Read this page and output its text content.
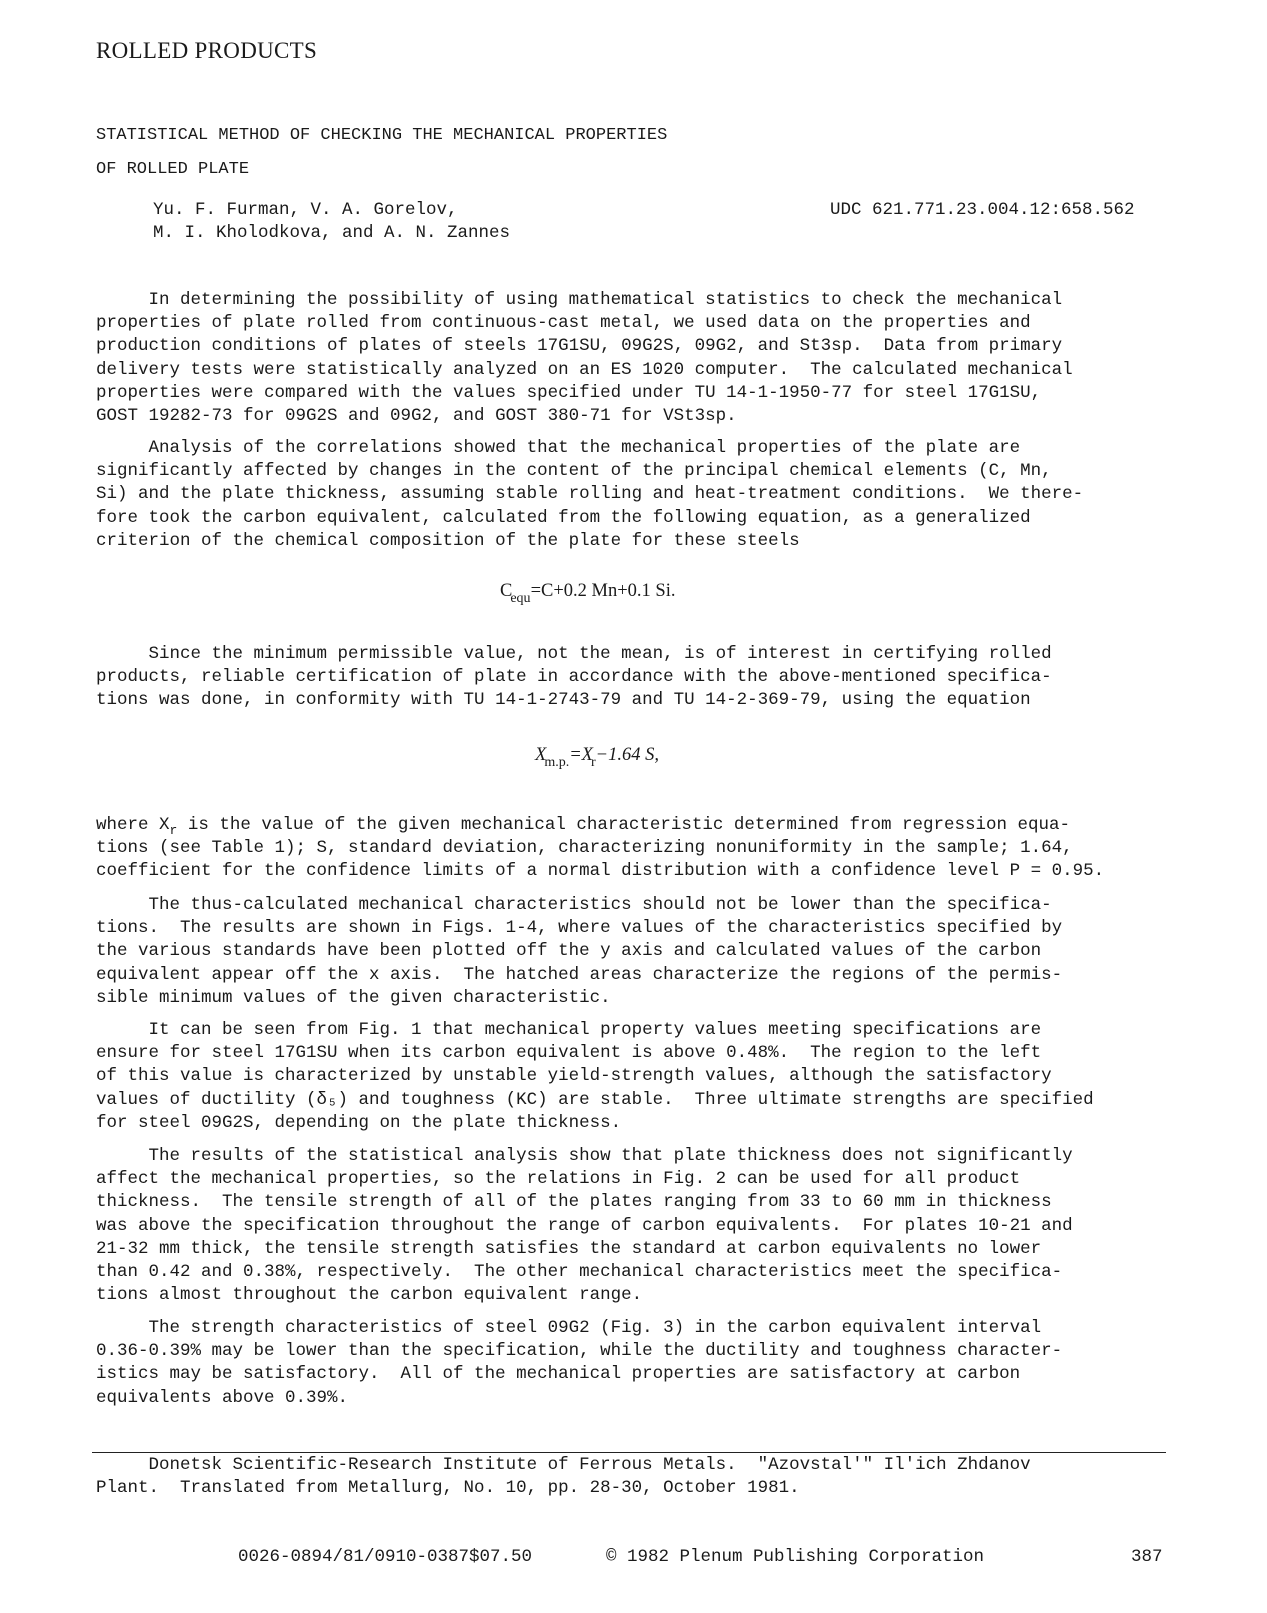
ROLLED PRODUCTS
STATISTICAL METHOD OF CHECKING THE MECHANICAL PROPERTIES
OF ROLLED PLATE
Yu. F. Furman, V. A. Gorelov,
M. I. Kholodkova, and A. N. Zannes
UDC 621.771.23.004.12:658.562
In determining the possibility of using mathematical statistics to check the mechanical
properties of plate rolled from continuous-cast metal, we used data on the properties and
production conditions of plates of steels 17G1SU, 09G2S, 09G2, and St3sp.  Data from primary
delivery tests were statistically analyzed on an ES 1020 computer.  The calculated mechanical
properties were compared with the values specified under TU 14-1-1950-77 for steel 17G1SU,
GOST 19282-73 for 09G2S and 09G2, and GOST 380-71 for VSt3sp.
Analysis of the correlations showed that the mechanical properties of the plate are
significantly affected by changes in the content of the principal chemical elements (C, Mn,
Si) and the plate thickness, assuming stable rolling and heat-treatment conditions.  We there-
fore took the carbon equivalent, calculated from the following equation, as a generalized
criterion of the chemical composition of the plate for these steels
$C_{equ}=C+0.2$ Mn+0.1 Si.
Since the minimum permissible value, not the mean, is of interest in certifying rolled
products, reliable certification of plate in accordance with the above-mentioned specifica-
tions was done, in conformity with TU 14-1-2743-79 and TU 14-2-369-79, using the equation
$X_{m.p.}=X_r-1.64$ S,
where $X_r$ is the value of the given mechanical characteristic determined from regression equa-
tions (see Table 1); S, standard deviation, characterizing nonuniformity in the sample; 1.64,
coefficient for the confidence limits of a normal distribution with a confidence level P = 0.95.
The thus-calculated mechanical characteristics should not be lower than the specifica-
tions.  The results are shown in Figs. 1-4, where values of the characteristics specified by
the various standards have been plotted off the y axis and calculated values of the carbon
equivalent appear off the x axis.  The hatched areas characterize the regions of the permis-
sible minimum values of the given characteristic.
It can be seen from Fig. 1 that mechanical property values meeting specifications are
ensure for steel 17G1SU when its carbon equivalent is above 0.48%.  The region to the left
of this value is characterized by unstable yield-strength values, although the satisfactory
values of ductility (δ₅) and toughness (KC) are stable.  Three ultimate strengths are specified
for steel 09G2S, depending on the plate thickness.
The results of the statistical analysis show that plate thickness does not significantly
affect the mechanical properties, so the relations in Fig. 2 can be used for all product
thickness.  The tensile strength of all of the plates ranging from 33 to 60 mm in thickness
was above the specification throughout the range of carbon equivalents.  For plates 10-21 and
21-32 mm thick, the tensile strength satisfies the standard at carbon equivalents no lower
than 0.42 and 0.38%, respectively.  The other mechanical characteristics meet the specifica-
tions almost throughout the carbon equivalent range.
The strength characteristics of steel 09G2 (Fig. 3) in the carbon equivalent interval
0.36-0.39% may be lower than the specification, while the ductility and toughness character-
istics may be satisfactory.  All of the mechanical properties are satisfactory at carbon
equivalents above 0.39%.
Donetsk Scientific-Research Institute of Ferrous Metals.  "Azovstal'" Il'ich Zhdanov
Plant.  Translated from Metallurg, No. 10, pp. 28-30, October 1981.
0026-0894/81/0910-0387$07.50	© 1982 Plenum Publishing Corporation	387
